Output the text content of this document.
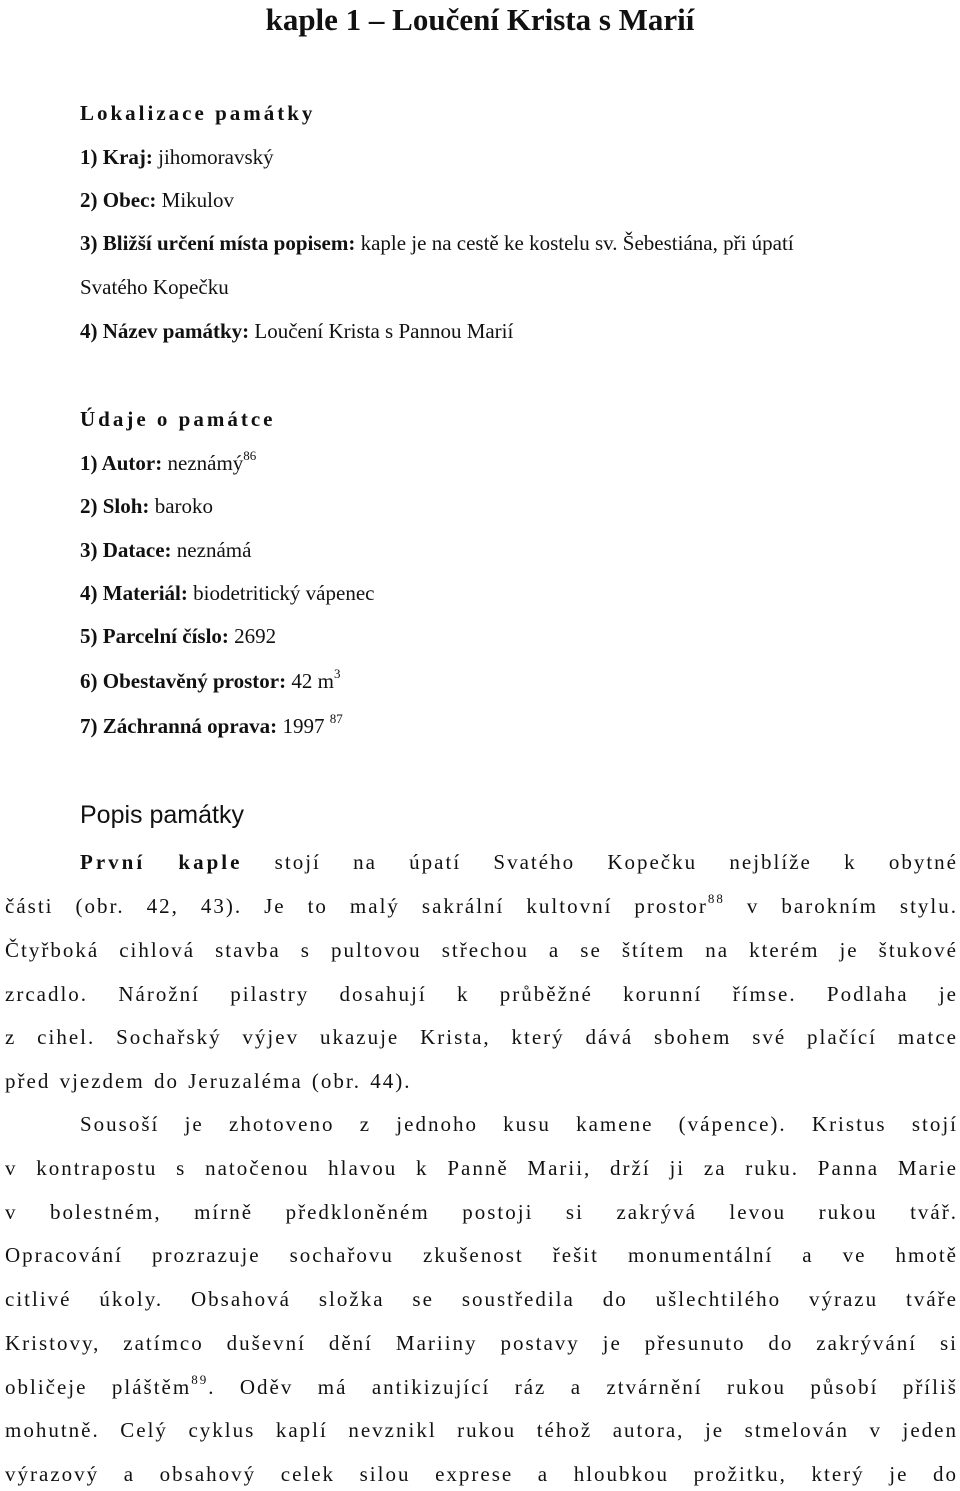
kaple 1 – Loučení Krista s Marií
Lokalizace památky
1) Kraj: jihomoravský
2) Obec: Mikulov
3) Bližší určení místa popisem: kaple je na cestě ke kostelu sv. Šebestiána, při úpatí
Svatého Kopečku
4) Název památky: Loučení Krista s Pannou Marií
Údaje o památce
1) Autor: neznámý$^{86}$
2) Sloh: baroko
3) Datace: neznámá
4) Materiál: biodetritický vápenec
5) Parcelní číslo: 2692
6) Obestavěný prostor: 42 $m^3$
7) Záchranná oprava: 1997 $^{87}$
Popis památky
První kaple stojí na úpatí Svatého Kopečku nejblíže k obytné
části (obr. 42, 43). Je to malý sakrální kultovní prostor$^{88}$ v barokním stylu.
Čtyřboká cihlová stavba s pultovou střechou a se štítem na kterém je štukové
zrcadlo. Nárožní pilastry dosahují k průběžné korunní římse. Podlaha je
z cihel. Sochařský výjev ukazuje Krista, který dává sbohem své plačící matce
před vjezdem do Jeruzaléma (obr. 44).
Sousoší je zhotoveno z jednoho kusu kamene (vápence). Kristus stojí
v kontrapostu s natočenou hlavou k Panně Marii, drží ji za ruku. Panna Marie
v bolestném, mírně předkloněném postoji si zakrývá levou rukou tvář.
Opracování prozrazuje sochařovu zkušenost řešit monumentální a ve hmotě
citlivé úkoly. Obsahová složka se soustředila do ušlechtilého výrazu tváře
Kristovy, zatímco duševní dění Mariiny postavy je přesunuto do zakrývání si
obličeje pláštěm$^{89}$. Oděv má antikizující ráz a ztvárnění rukou působí příliš
mohutně. Celý cyklus kaplí nevznikl rukou téhož autora, je stmelován v jeden
výrazový a obsahový celek silou exprese a hloubkou prožitku, který je do
